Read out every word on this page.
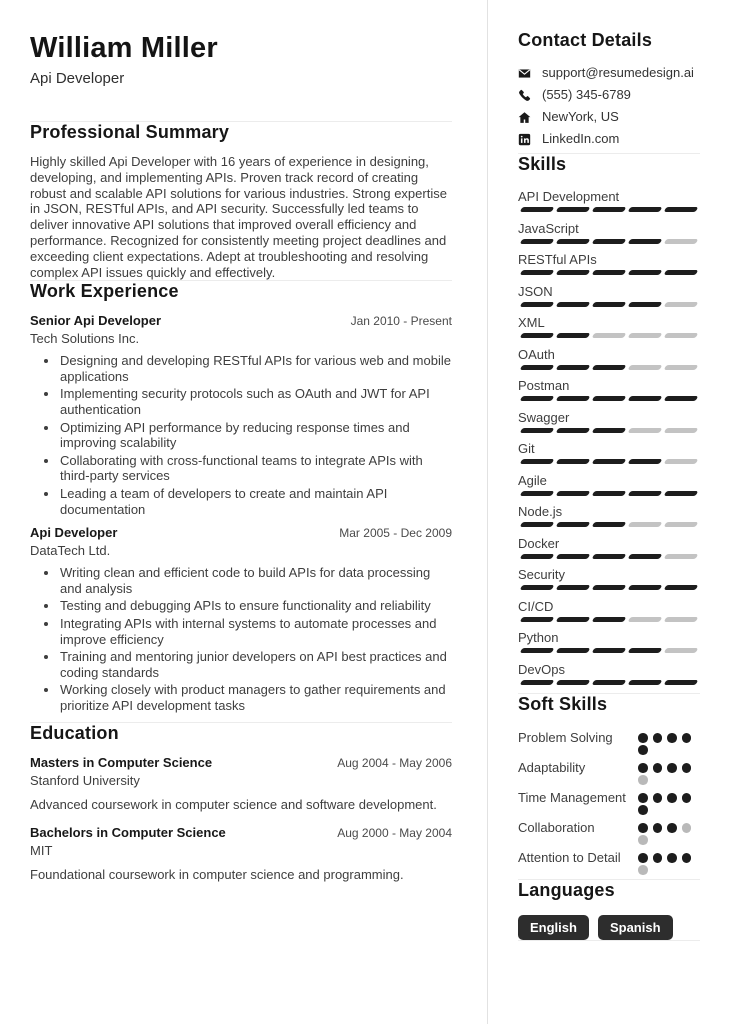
William Miller

Api Developer

Professional Summary

Highly skilled Api Developer with 16 years of experience in designing, developing, and implementing APIs. Proven track record of creating robust and scalable API solutions for various industries. Strong expertise in JSON, RESTful APIs, and API security. Successfully led teams to deliver innovative API solutions that improved overall efficiency and performance. Recognized for consistently meeting project deadlines and exceeding client expectations. Adept at troubleshooting and resolving complex API issues quickly and effectively.

Work Experience
Senior Api Developer	Jan 2010 - Present

Tech Solutions Inc.

• Designing and developing RESTful APIs for various web and mobile applications
• Implementing security protocols such as OAuth and JWT for API authentication
• Optimizing API performance by reducing response times and improving scalability
• Collaborating with cross-functional teams to integrate APIs with third-party services
• Leading a team of developers to create and maintain API documentation
Api Developer	Mar 2005 - Dec 2009

DataTech Ltd.

• Writing clean and efficient code to build APIs for data processing and analysis
• Testing and debugging APIs to ensure functionality and reliability
• Integrating APIs with internal systems to automate processes and improve efficiency
• Training and mentoring junior developers on API best practices and coding standards
• Working closely with product managers to gather requirements and prioritize API development tasks
Education
Masters in Computer Science	Aug 2004 - May 2006

Stanford University

Advanced coursework in computer science and software development.

Bachelors in Computer Science	Aug 2000 - May 2004

MIT

Foundational coursework in computer science and programming.

Contact Details
support@resumedesign.ai
(555) 345-6789
NewYork, US
LinkedIn.com
Skills
API Development
JavaScript
RESTful APIs
JSON
XML
OAuth
Postman
Swagger
Git
Agile
Node.js
Docker
Security
CI/CD
Python
DevOps
Soft Skills
Problem Solving
Adaptability
Time Management
Collaboration
Attention to Detail
Languages
English	Spanish
